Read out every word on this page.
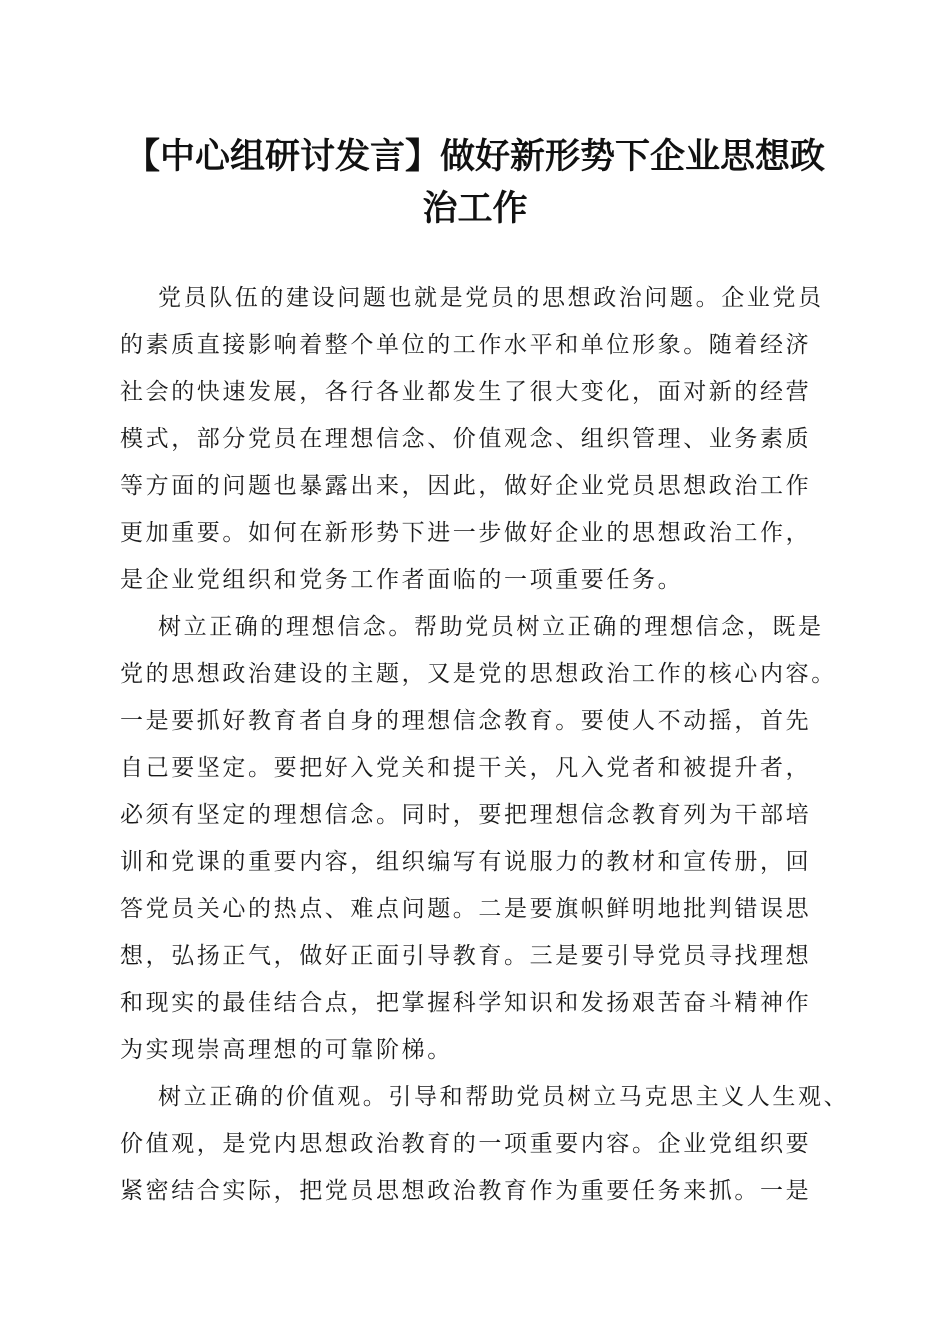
【中心组研讨发言】做好新形势下企业思想政
治工作

党员队伍的建设问题也就是党员的思想政治问题。企业党员

的素质直接影响着整个单位的工作水平和单位形象。随着经济

社会的快速发展，各行各业都发生了很大变化，面对新的经营

模式，部分党员在理想信念、价值观念、组织管理、业务素质

等方面的问题也暴露出来，因此，做好企业党员思想政治工作

更加重要。如何在新形势下进一步做好企业的思想政治工作，

是企业党组织和党务工作者面临的一项重要任务。

树立正确的理想信念。帮助党员树立正确的理想信念，既是

党的思想政治建设的主题，又是党的思想政治工作的核心内容。

一是要抓好教育者自身的理想信念教育。要使人不动摇，首先

自己要坚定。要把好入党关和提干关，凡入党者和被提升者，

必须有坚定的理想信念。同时，要把理想信念教育列为干部培

训和党课的重要内容，组织编写有说服力的教材和宣传册，回

答党员关心的热点、难点问题。二是要旗帜鲜明地批判错误思

想，弘扬正气，做好正面引导教育。三是要引导党员寻找理想

和现实的最佳结合点，把掌握科学知识和发扬艰苦奋斗精神作

为实现崇高理想的可靠阶梯。

树立正确的价值观。引导和帮助党员树立马克思主义人生观、

价值观，是党内思想政治教育的一项重要内容。企业党组织要

紧密结合实际，把党员思想政治教育作为重要任务来抓。一是
